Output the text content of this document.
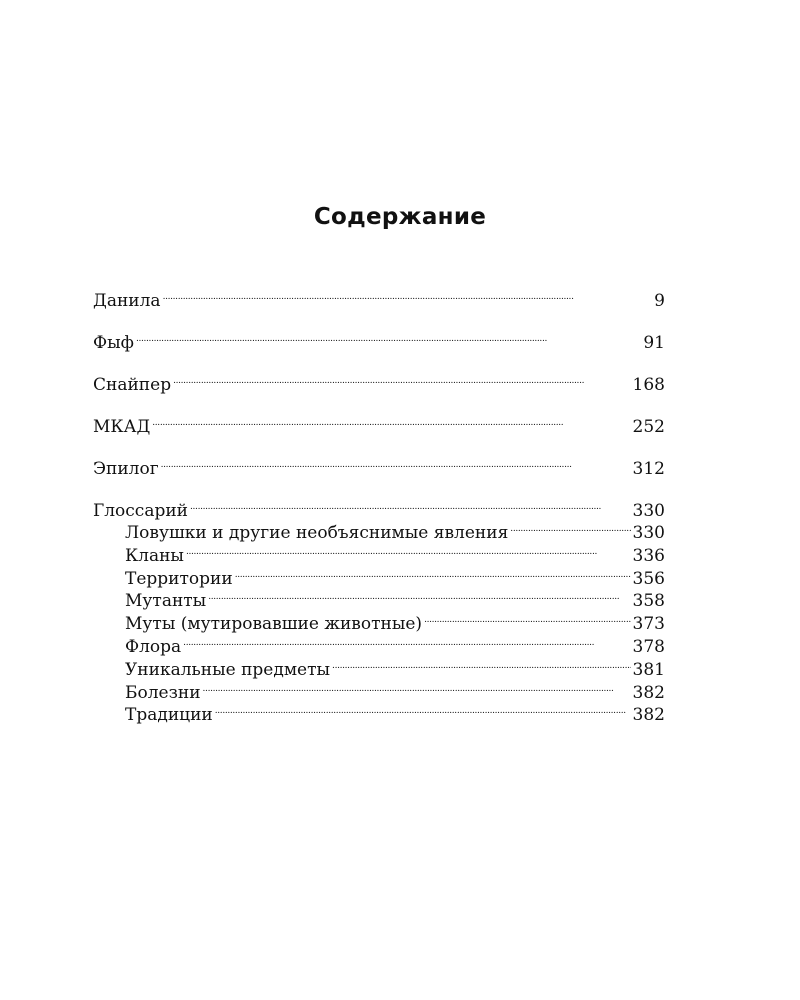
Содержание
Данила . . .	9
Фыф . . .	91
Снайпер . . .	168
МКАД . . .	252
Эпилог . . .	312
Глоссарий . . .	330
Ловушки и другие необъяснимые явления . . .	330
Кланы . . .	336
Территории . . .	356
Мутанты . . .	358
Муты (мутировавшие животные) . . .	373
Флора . . .	378
Уникальные предметы . . .	381
Болезни . . .	382
Традиции . . .	382
